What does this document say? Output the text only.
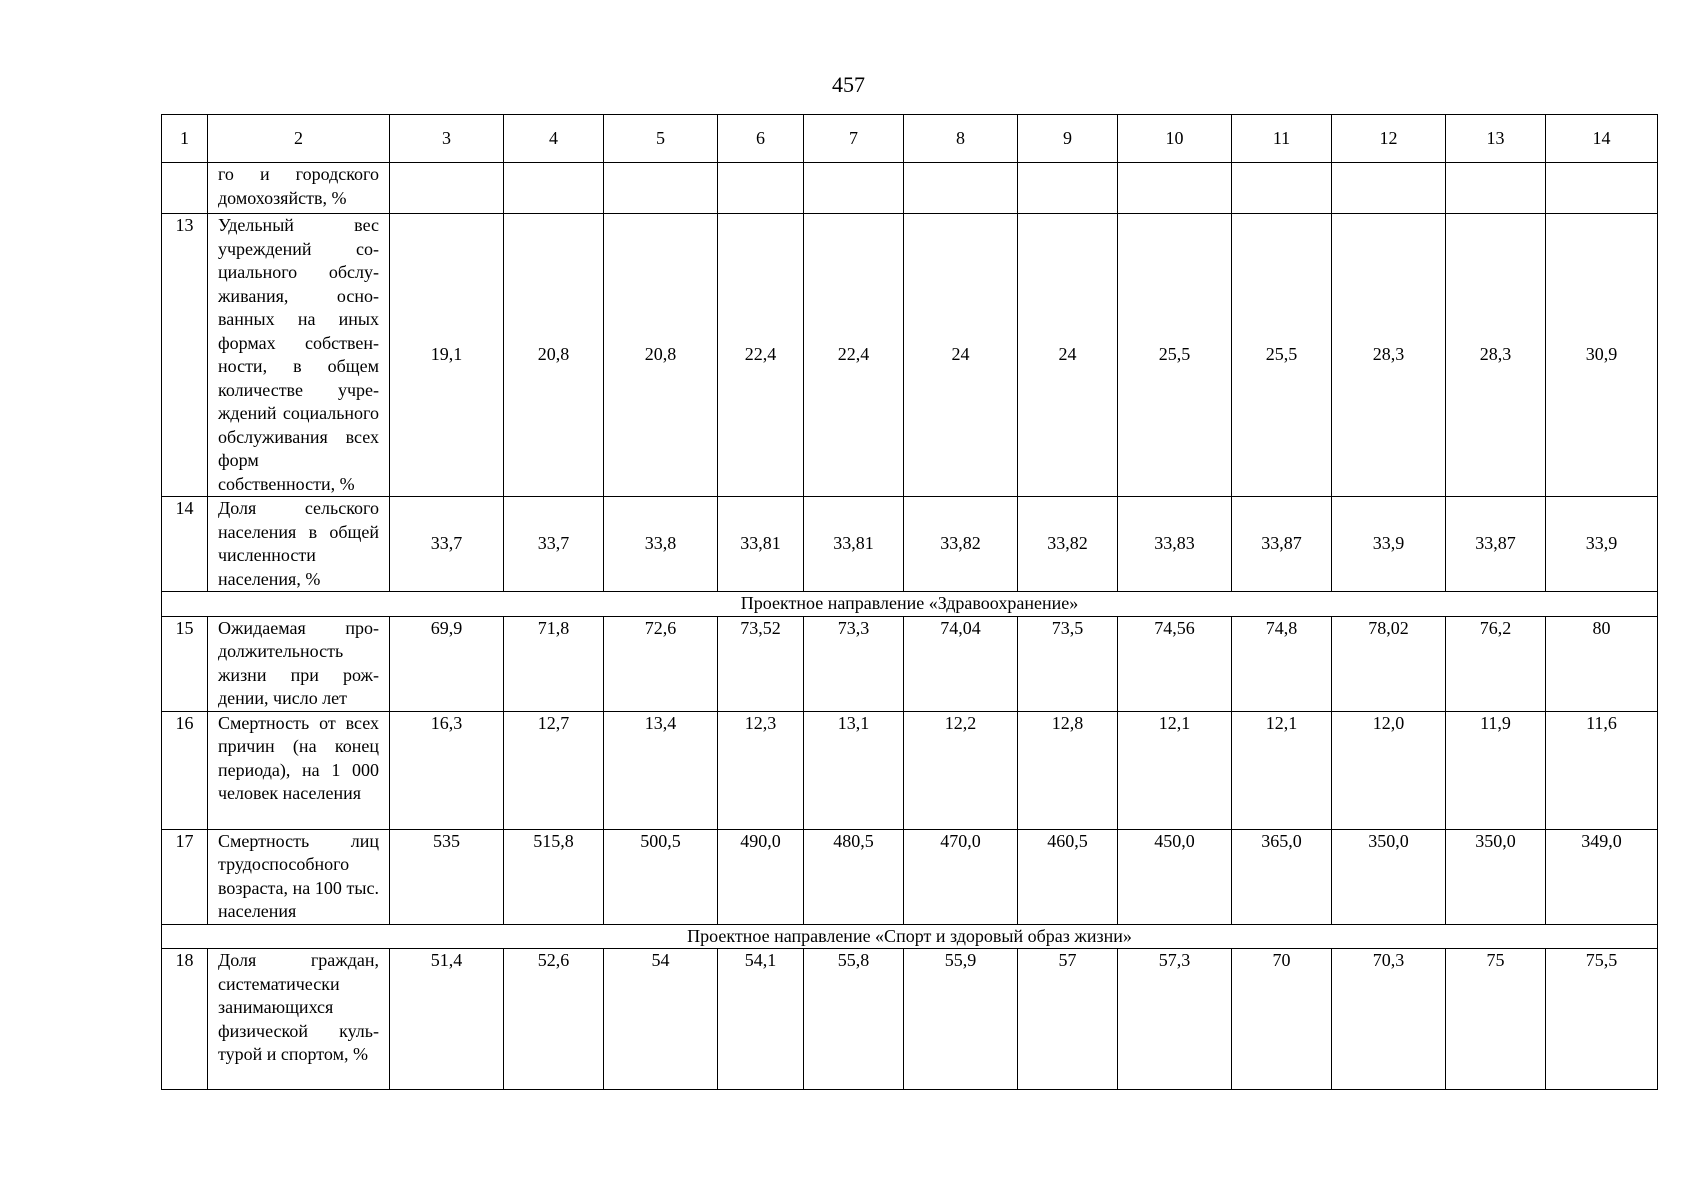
457
1	2	3	4	5	6	7	8	9	10	11	12	13	14
	го и городского домохозяйств, %												
13	Удельный вес учреждений социального обслуживания, основанных на иных формах собственности, в общем количестве учреждений социального обслуживания всех форм собственности, %	19,1	20,8	20,8	22,4	22,4	24	24	25,5	25,5	28,3	28,3	30,9
14	Доля сельского населения в общей численности населения, %	33,7	33,7	33,8	33,81	33,81	33,82	33,82	33,83	33,87	33,9	33,87	33,9
Проектное направление «Здравоохранение»													
15	Ожидаемая продолжительность жизни при рождении, число лет	69,9	71,8	72,6	73,52	73,3	74,04	73,5	74,56	74,8	78,02	76,2	80
16	Смертность от всех причин (на конец периода), на 1 000 человек населения	16,3	12,7	13,4	12,3	13,1	12,2	12,8	12,1	12,1	12,0	11,9	11,6
17	Смертность лиц трудоспособного возраста, на 100 тыс. населения	535	515,8	500,5	490,0	480,5	470,0	460,5	450,0	365,0	350,0	350,0	349,0
Проектное направление «Спорт и здоровый образ жизни»													
18	Доля граждан, систематически занимающихся физической культурой и спортом, %	51,4	52,6	54	54,1	55,8	55,9	57	57,3	70	70,3	75	75,5
